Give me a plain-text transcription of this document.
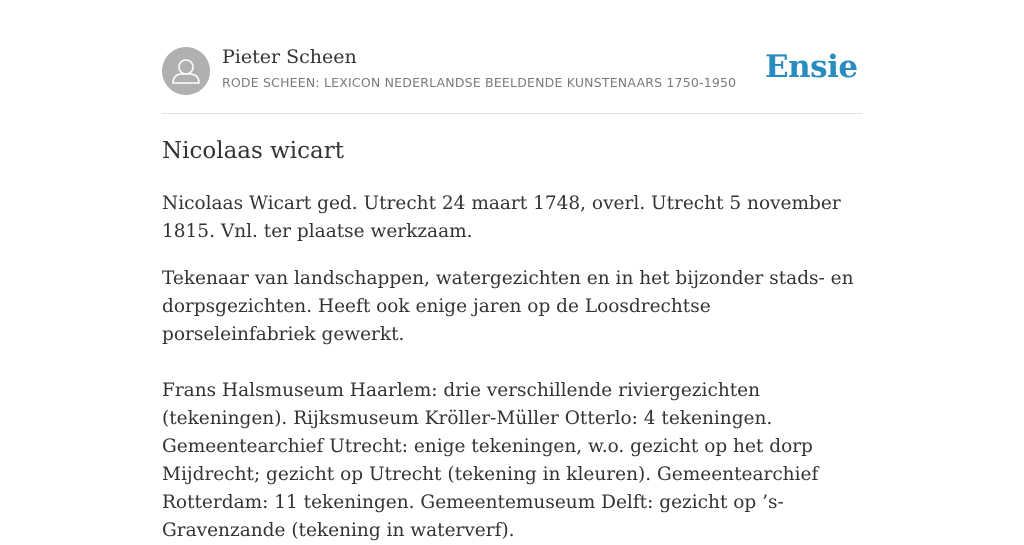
Pieter Scheen
RODE SCHEEN: LEXICON NEDERLANDSE BEELDENDE KUNSTENAARS 1750-1950 Ensie
Nicolaas wicart

Nicolaas Wicart ged. Utrecht 24 maart 1748, overl. Utrecht 5 november 1815. Vnl. ter plaatse werkzaam.

Tekenaar van landschappen, watergezichten en in het bijzonder stads- en dorpsgezichten. Heeft ook enige jaren op de Loosdrechtse porseleinfabriek gewerkt.

Frans Halsmuseum Haarlem: drie verschillende riviergezichten (tekeningen). Rijksmuseum Kröller-Müller Otterlo: 4 tekeningen. Gemeentearchief Utrecht: enige tekeningen, w.o. gezicht op het dorp Mijdrecht; gezicht op Utrecht (tekening in kleuren). Gemeentearchief Rotterdam: 11 tekeningen. Gemeentemuseum Delft: gezicht op ’s-Gravenzande (tekening in waterverf).
